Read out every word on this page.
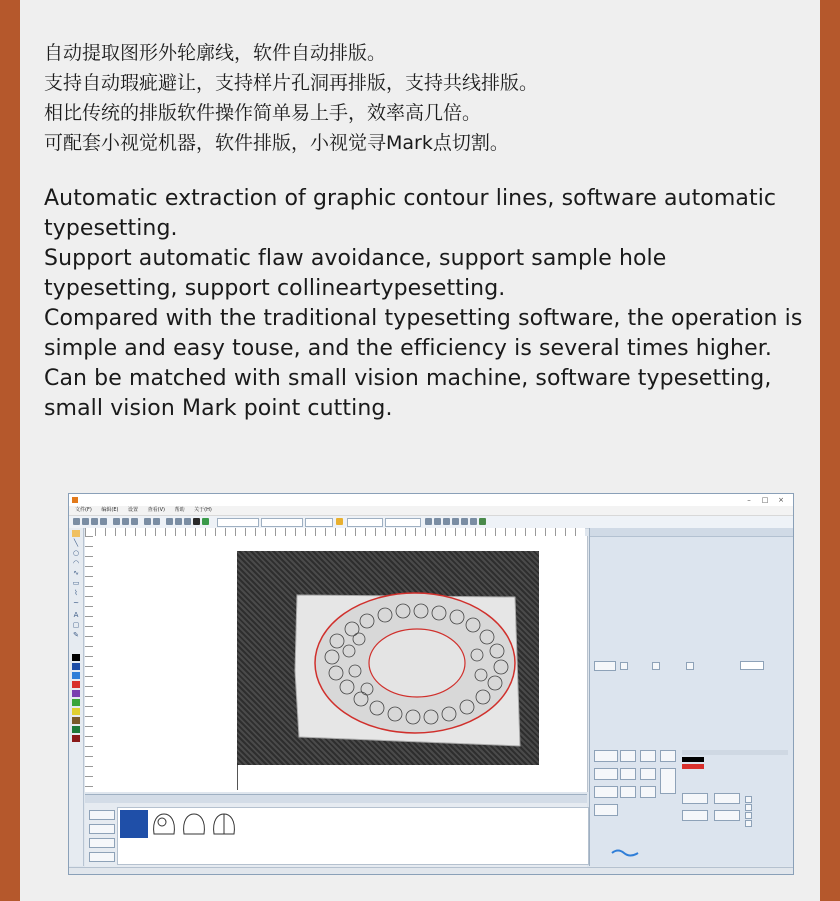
自动提取图形外轮廓线，软件自动排版。
支持自动瑕疵避让，支持样片孔洞再排版，支持共线排版。
相比传统的排版软件操作简单易上手，效率高几倍。
可配套小视觉机器，软件排版，小视觉寻Mark点切割。
Automatic extraction of graphic contour lines, software automatic
typesetting.
Support automatic flaw avoidance, support sample hole
typesetting, support collineartypesetting.
Compared with the traditional typesetting software, the operation is
simple and easy touse, and the efficiency is several times higher.
Can be matched with small vision machine, software typesetting,
small vision Mark point cutting.
– □ ×
文件(F) 编辑(E) 设置 查看(V) 帮助 关于(H)
╲
○
◠
∿
▭
⌇
~
A
▢
✎
